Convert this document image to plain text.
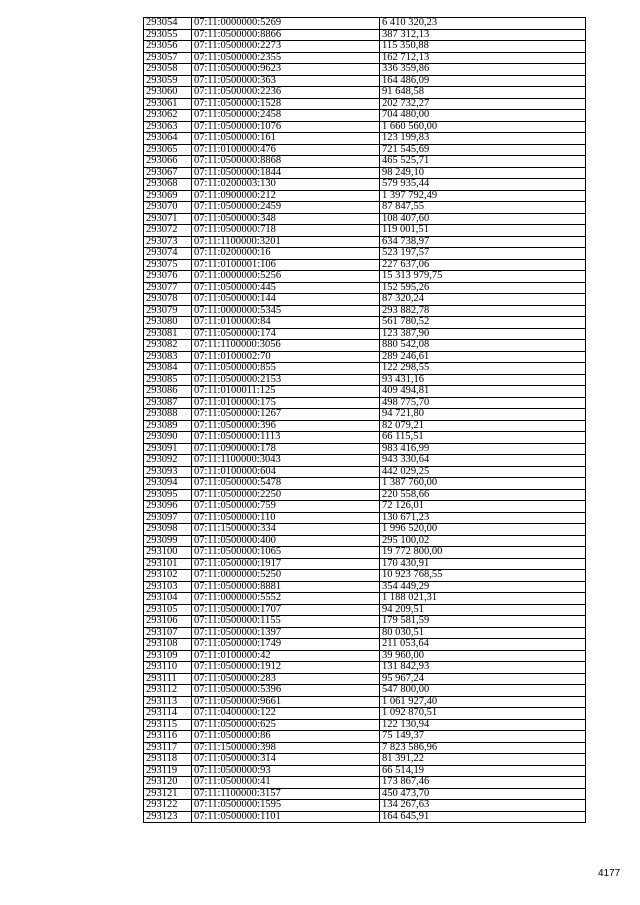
293054	07:11:0000000:5269	6 410 320,23
293055	07:11:0500000:8866	387 312,13
293056	07:11:0500000:2273	115 350,88
293057	07:11:0500000:2355	162 712,13
293058	07:11:0500000:9623	336 359,86
293059	07:11:0500000:363	164 486,09
293060	07:11:0500000:2236	91 648,58
293061	07:11:0500000:1528	202 732,27
293062	07:11:0500000:2458	704 480,00
293063	07:11:0500000:1076	1 660 560,00
293064	07:11:0500000:161	123 199,83
293065	07:11:0100000:476	721 545,69
293066	07:11:0500000:8868	465 525,71
293067	07:11:0500000:1844	98 249,10
293068	07:11:0200003:130	579 935,44
293069	07:11:0900000:212	1 397 792,49
293070	07:11:0500000:2459	87 847,55
293071	07:11:0500000:348	108 407,60
293072	07:11:0500000:718	119 001,51
293073	07:11:1100000:3201	634 738,97
293074	07:11:0200000:16	523 197,57
293075	07:11:0100001:106	227 637,06
293076	07:11:0000000:5256	15 313 979,75
293077	07:11:0500000:445	152 595,26
293078	07:11:0500000:144	87 320,24
293079	07:11:0000000:5345	293 882,78
293080	07:11:0100000:84	561 780,52
293081	07:11:0500000:174	123 387,90
293082	07:11:1100000:3056	880 542,08
293083	07:11:0100002:70	289 246,61
293084	07:11:0500000:855	122 298,55
293085	07:11:0500000:2153	93 431,16
293086	07:11:0100011:125	409 494,81
293087	07:11:0100000:175	498 775,70
293088	07:11:0500000:1267	94 721,80
293089	07:11:0500000:396	82 079,21
293090	07:11:0500000:1113	66 115,51
293091	07:11:0900000:178	983 416,99
293092	07:11:1100000:3043	943 330,64
293093	07:11:0100000:604	442 029,25
293094	07:11:0500000:5478	1 387 760,00
293095	07:11:0500000:2250	220 558,66
293096	07:11:0500000:759	72 126,01
293097	07:11:0500000:110	130 671,23
293098	07:11:1500000:334	1 996 520,00
293099	07:11:0500000:400	295 100,02
293100	07:11:0500000:1065	19 772 800,00
293101	07:11:0500000:1917	170 430,91
293102	07:11:0000000:5250	10 923 768,55
293103	07:11:0500000:8881	354 449,29
293104	07:11:0000000:5552	1 188 021,31
293105	07:11:0500000:1707	94 209,51
293106	07:11:0500000:1155	179 581,59
293107	07:11:0500000:1397	80 030,51
293108	07:11:0500000:1749	211 053,64
293109	07:11:0100000:42	39 960,00
293110	07:11:0500000:1912	131 842,93
293111	07:11:0500000:283	95 967,24
293112	07:11:0500000:5396	547 800,00
293113	07:11:0500000:9661	1 061 927,40
293114	07:11:0400000:122	1 092 870,51
293115	07:11:0500000:625	122 130,94
293116	07:11:0500000:86	75 149,37
293117	07:11:1500000:398	7 823 586,96
293118	07:11:0500000:314	81 391,22
293119	07:11:0500000:93	66 514,19
293120	07:11:0500000:41	173 867,46
293121	07:11:1100000:3157	450 473,70
293122	07:11:0500000:1595	134 267,63
293123	07:11:0500000:1101	164 645,91
4177
